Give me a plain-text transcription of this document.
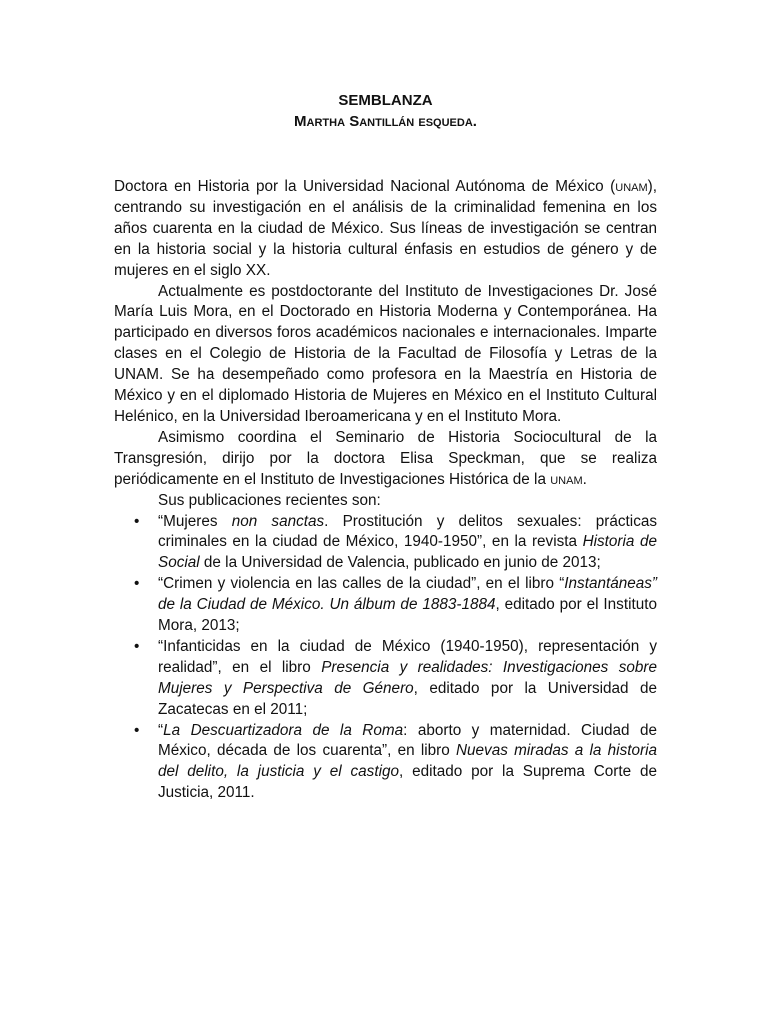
SEMBLANZA
Martha Santillán esqueda.

Doctora en Historia por la Universidad Nacional Autónoma de México (unam), centrando su investigación en el análisis de la criminalidad femenina en los años cuarenta en la ciudad de México. Sus líneas de investigación se centran en la historia social y la historia cultural énfasis en estudios de género y de mujeres en el siglo XX.

Actualmente es postdoctorante del Instituto de Investigaciones Dr. José María Luis Mora, en el Doctorado en Historia Moderna y Contemporánea. Ha participado en diversos foros académicos nacionales e internacionales. Imparte clases en el Colegio de Historia de la Facultad de Filosofía y Letras de la UNAM. Se ha desempeñado como profesora en la Maestría en Historia de México y en el diplomado Historia de Mujeres en México en el Instituto Cultural Helénico, en la Universidad Iberoamericana y en el Instituto Mora.

Asimismo coordina el Seminario de Historia Sociocultural de la Transgresión, dirijo por la doctora Elisa Speckman, que se realiza periódicamente en el Instituto de Investigaciones Histórica de la unam.

Sus publicaciones recientes son:

• “Mujeres non sanctas. Prostitución y delitos sexuales: prácticas criminales en la ciudad de México, 1940-1950”, en la revista Historia de Social de la Universidad de Valencia, publicado en junio de 2013;
• “Crimen y violencia en las calles de la ciudad”, en el libro “Instantáneas” de la Ciudad de México. Un álbum de 1883-1884, editado por el Instituto Mora, 2013;
• “Infanticidas en la ciudad de México (1940-1950), representación y realidad”, en el libro Presencia y realidades: Investigaciones sobre Mujeres y Perspectiva de Género, editado por la Universidad de Zacatecas en el 2011;
• “La Descuartizadora de la Roma: aborto y maternidad. Ciudad de México, década de los cuarenta”, en libro Nuevas miradas a la historia del delito, la justicia y el castigo, editado por la Suprema Corte de Justicia, 2011.
